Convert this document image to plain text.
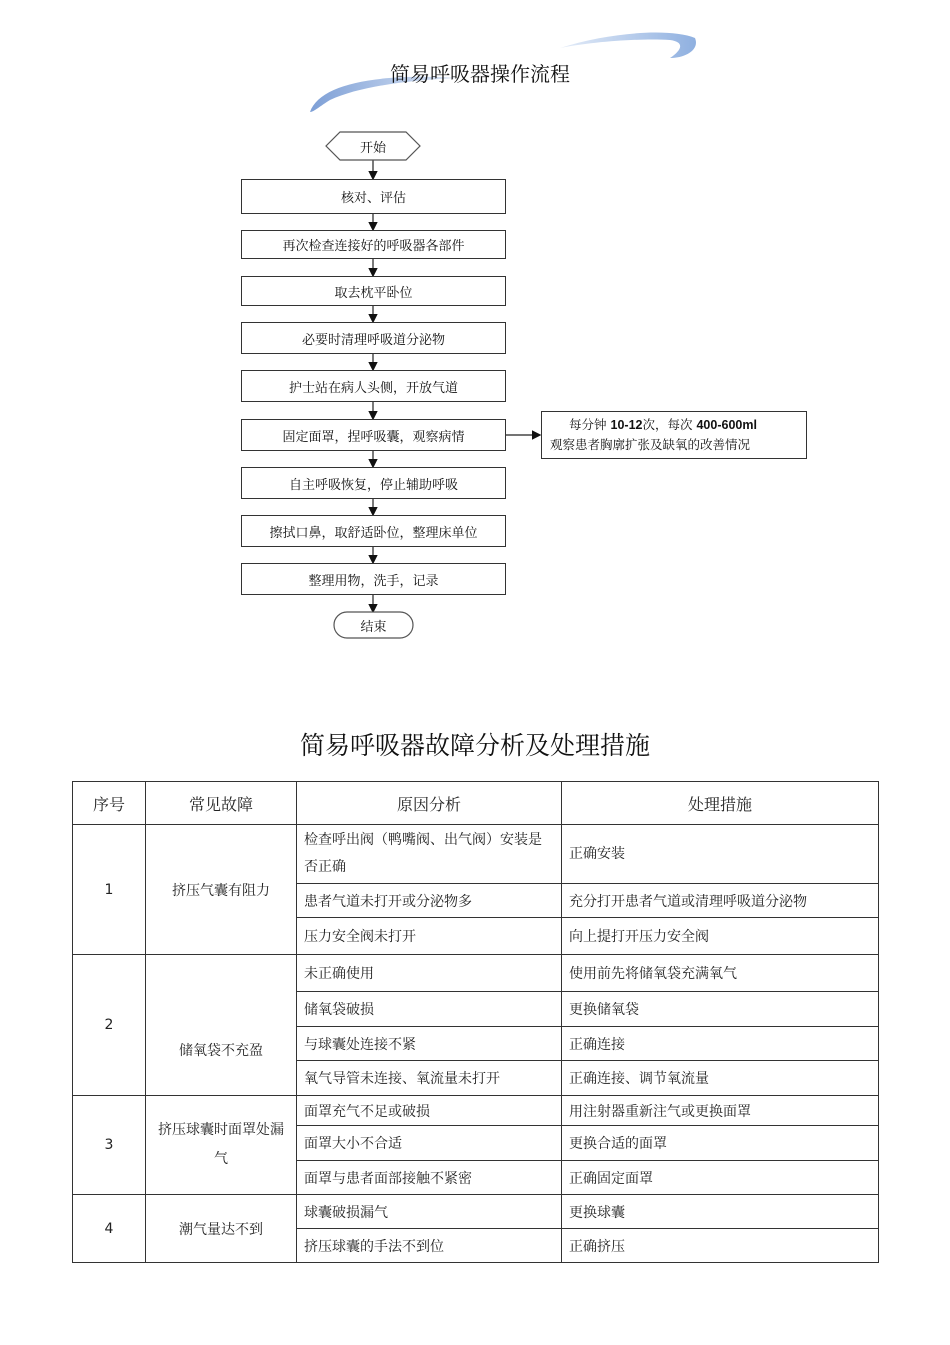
简易呼吸器操作流程
开始
核对、评估
再次检查连接好的呼吸器各部件
取去枕平卧位
必要时清理呼吸道分泌物
护士站在病人头侧，开放气道
固定面罩，捏呼吸囊，观察病情
自主呼吸恢复，停止辅助呼吸
擦拭口鼻，取舒适卧位，整理床单位
整理用物，洗手，记录
结束
每分钟 10-12次，每次 400-600ml
观察患者胸廓扩张及缺氧的改善情况
简易呼吸器故障分析及处理措施
序号	常见故障	原因分析	处理措施
1	挤压气囊有阻力	检查呼出阀（鸭嘴阀、出气阀）安装是否正确	正确安装
		患者气道未打开或分泌物多	充分打开患者气道或清理呼吸道分泌物
		压力安全阀未打开	向上提打开压力安全阀
2	储氧袋不充盈	未正确使用	使用前先将储氧袋充满氧气
		储氧袋破损	更换储氧袋
		与球囊处连接不紧	正确连接
		氧气导管未连接、氧流量未打开	正确连接、调节氧流量
3	挤压球囊时面罩处漏气	面罩充气不足或破损	用注射器重新注气或更换面罩
		面罩大小不合适	更换合适的面罩
		面罩与患者面部接触不紧密	正确固定面罩
4	潮气量达不到	球囊破损漏气	更换球囊
		挤压球囊的手法不到位	正确挤压
